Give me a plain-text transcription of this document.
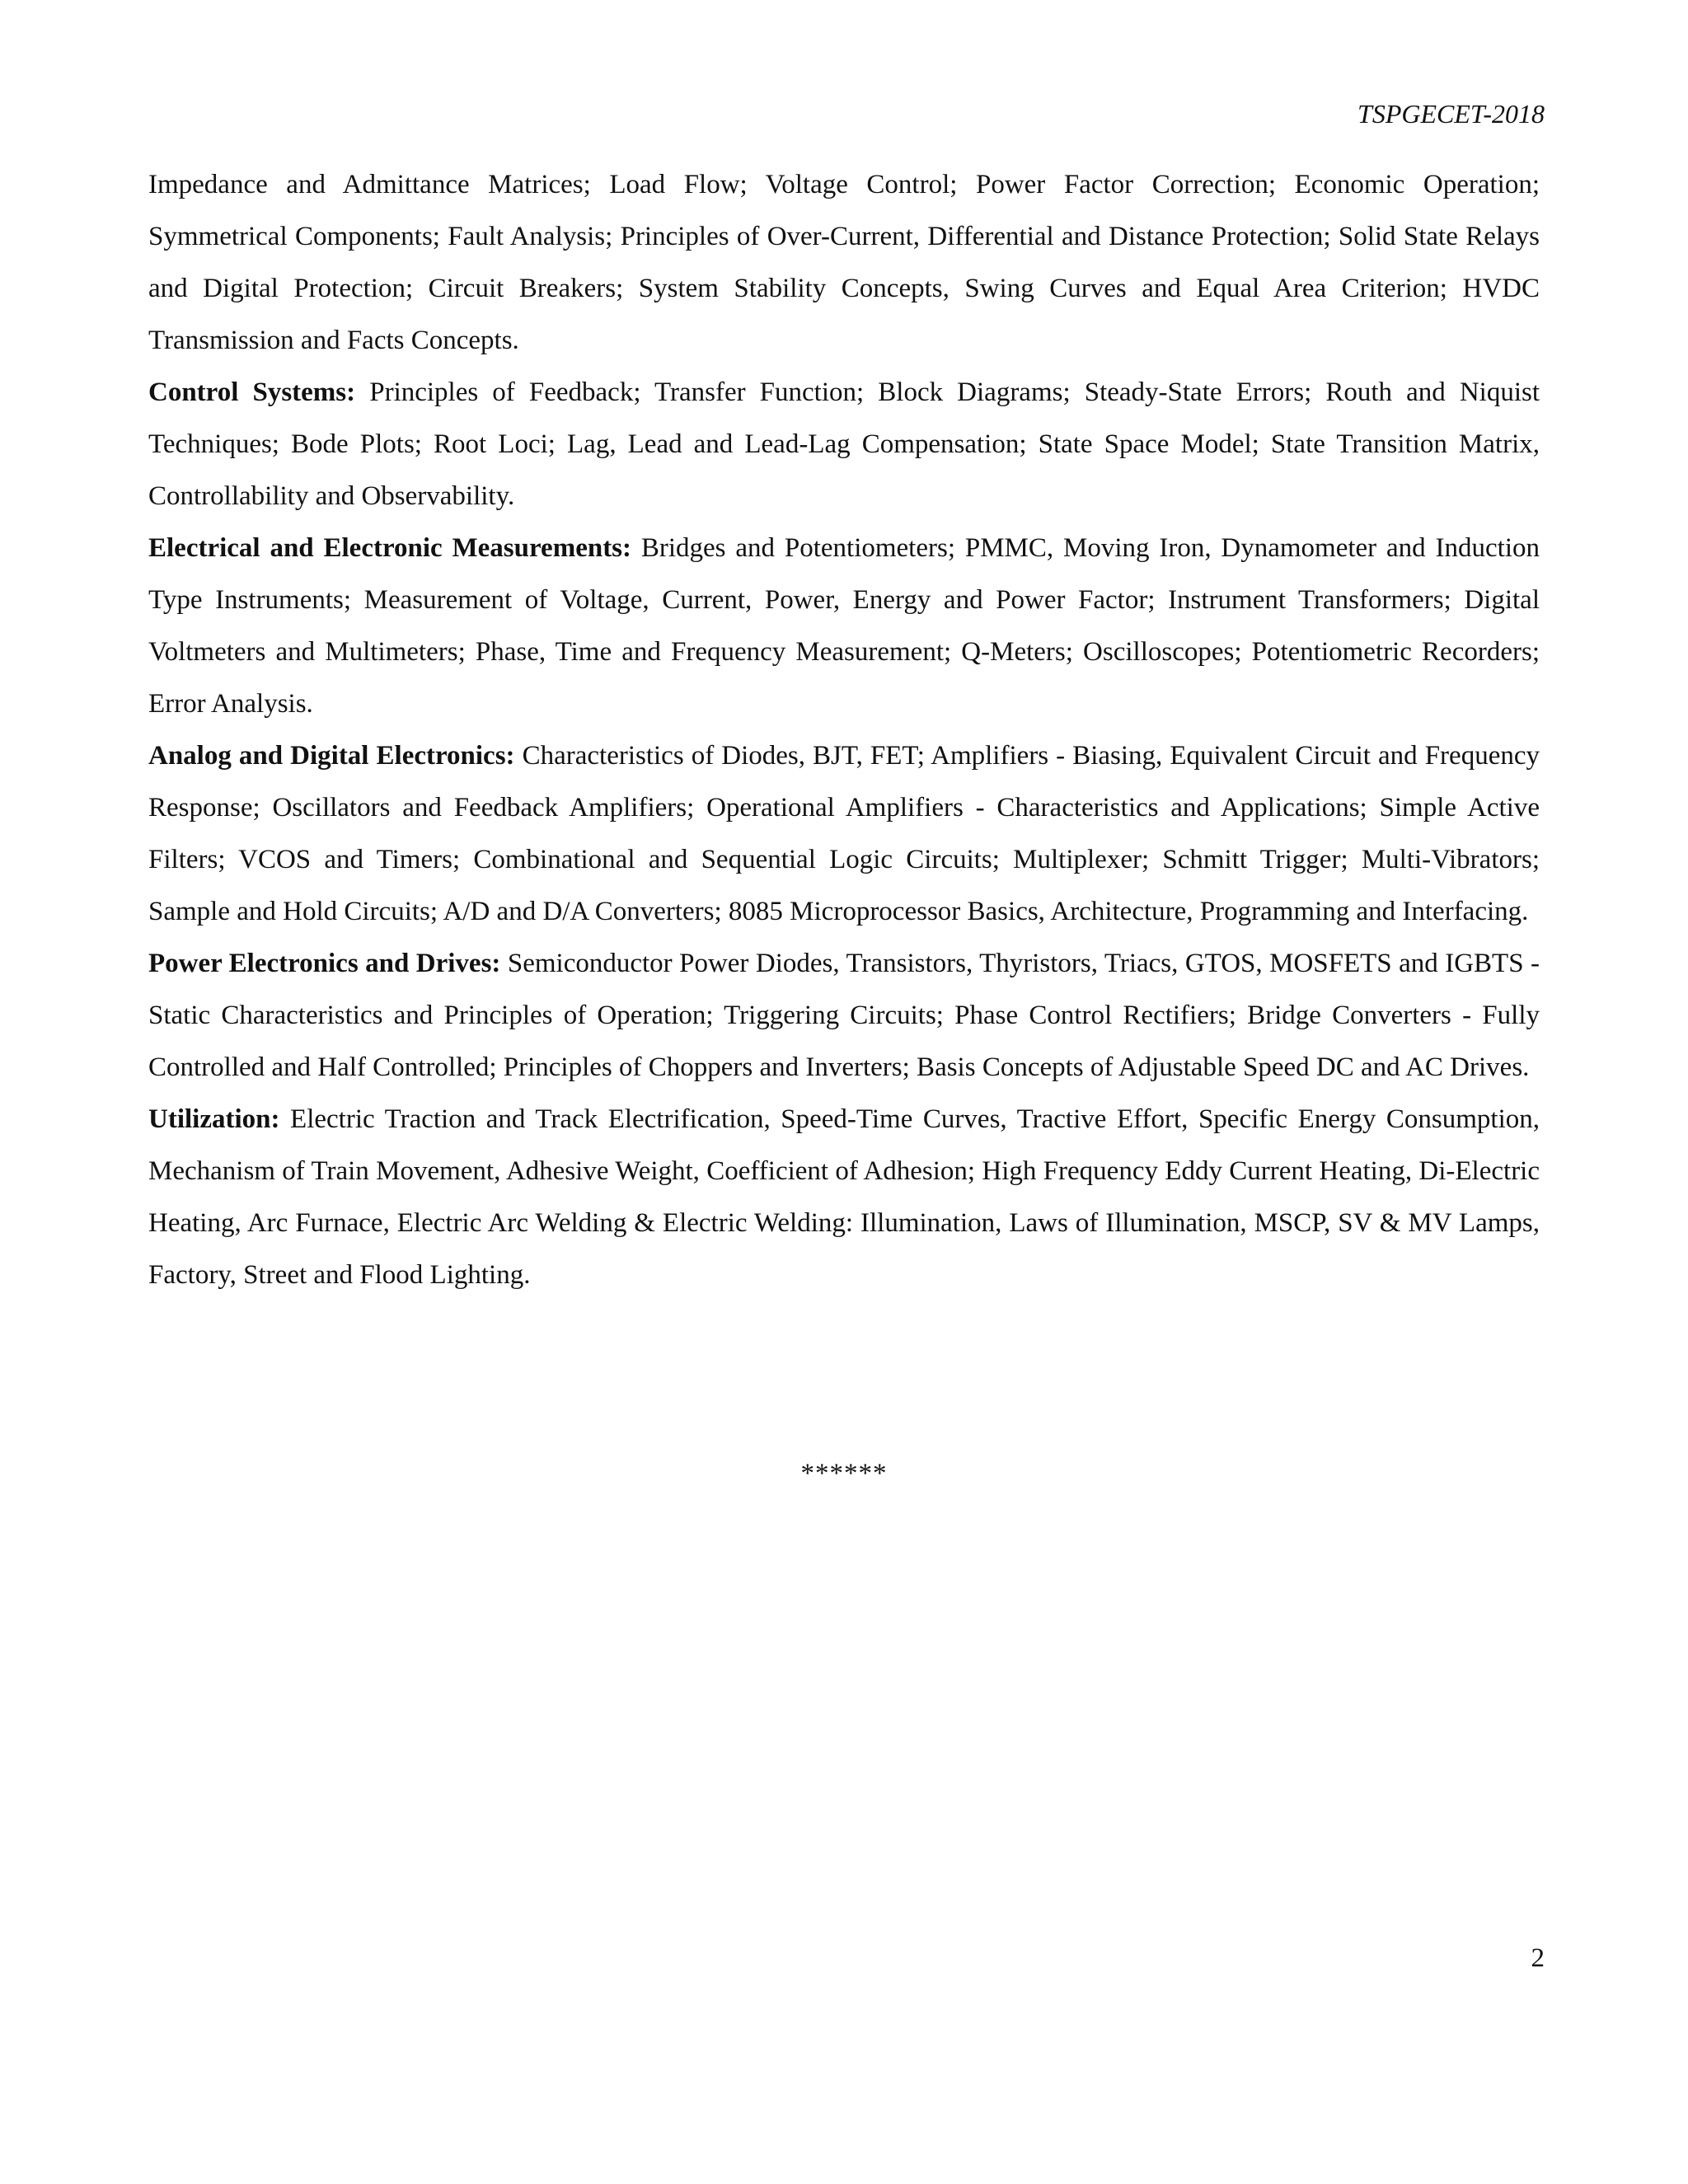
TSPGECET-2018

Impedance and Admittance Matrices; Load Flow; Voltage Control; Power Factor Correction; Economic Operation; Symmetrical Components; Fault Analysis; Principles of Over-Current, Differential and Distance Protection; Solid State Relays and Digital Protection; Circuit Breakers; System Stability Concepts, Swing Curves and Equal Area Criterion; HVDC Transmission and Facts Concepts.

Control Systems: Principles of Feedback; Transfer Function; Block Diagrams; Steady-State Errors; Routh and Niquist Techniques; Bode Plots; Root Loci; Lag, Lead and Lead-Lag Compensation; State Space Model; State Transition Matrix, Controllability and Observability.

Electrical and Electronic Measurements: Bridges and Potentiometers; PMMC, Moving Iron, Dynamometer and Induction Type Instruments; Measurement of Voltage, Current, Power, Energy and Power Factor; Instrument Transformers; Digital Voltmeters and Multimeters; Phase, Time and Frequency Measurement; Q-Meters; Oscilloscopes; Potentiometric Recorders; Error Analysis.

Analog and Digital Electronics: Characteristics of Diodes, BJT, FET; Amplifiers - Biasing, Equivalent Circuit and Frequency Response; Oscillators and Feedback Amplifiers; Operational Amplifiers - Characteristics and Applications; Simple Active Filters; VCOS and Timers; Combinational and Sequential Logic Circuits; Multiplexer; Schmitt Trigger; Multi-Vibrators; Sample and Hold Circuits; A/D and D/A Converters; 8085 Microprocessor Basics, Architecture, Programming and Interfacing.

Power Electronics and Drives: Semiconductor Power Diodes, Transistors, Thyristors, Triacs, GTOS, MOSFETS and IGBTS - Static Characteristics and Principles of Operation; Triggering Circuits; Phase Control Rectifiers; Bridge Converters - Fully Controlled and Half Controlled; Principles of Choppers and Inverters; Basis Concepts of Adjustable Speed DC and AC Drives.

Utilization: Electric Traction and Track Electrification, Speed-Time Curves, Tractive Effort, Specific Energy Consumption, Mechanism of Train Movement, Adhesive Weight, Coefficient of Adhesion; High Frequency Eddy Current Heating, Di-Electric Heating, Arc Furnace, Electric Arc Welding & Electric Welding: Illumination, Laws of Illumination, MSCP, SV & MV Lamps, Factory, Street and Flood Lighting.

******
2
